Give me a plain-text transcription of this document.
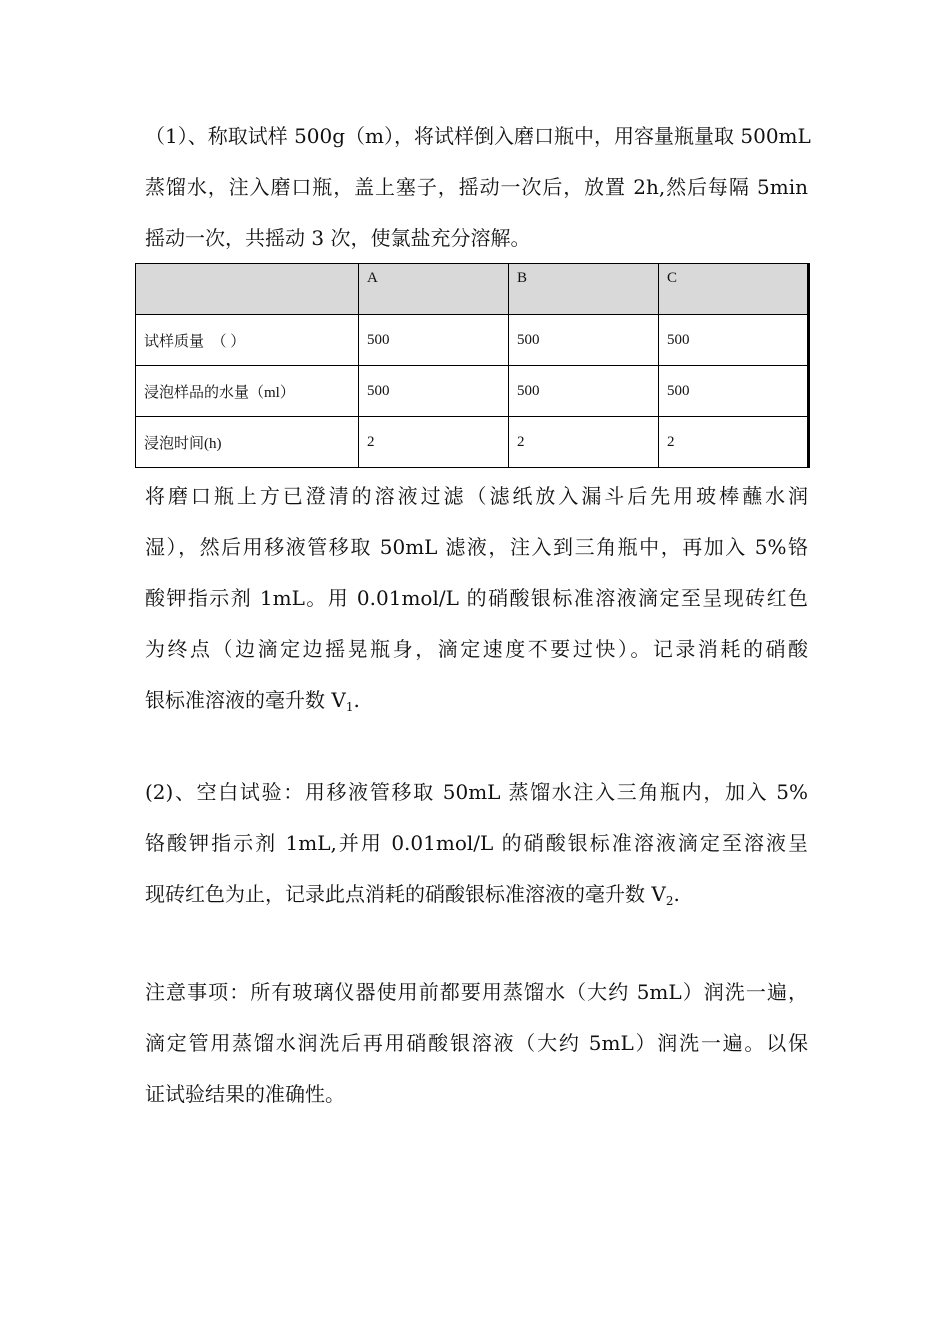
（1）、称取试样 500g（m），将试样倒入磨口瓶中，用容量瓶量取 500mL
蒸馏水，注入磨口瓶，盖上塞子，摇动一次后，放置 2h,然后每隔 5min
摇动一次，共摇动 3 次，使氯盐充分溶解。
	A	B	C
试样质量　（ ）	500	500	500
浸泡样品的水量（ml）	500	500	500
浸泡时间(h)	2	2	2
将磨口瓶上方已澄清的溶液过滤（滤纸放入漏斗后先用玻棒蘸水润
湿），然后用移液管移取 50mL 滤液，注入到三角瓶中，再加入 5%铬
酸钾指示剂 1mL。用 0.01mol/L 的硝酸银标准溶液滴定至呈现砖红色
为终点（边滴定边摇晃瓶身，滴定速度不要过快）。记录消耗的硝酸
银标准溶液的毫升数 $V_1$.
(2)、空白试验：用移液管移取 50mL 蒸馏水注入三角瓶内，加入 5%
铬酸钾指示剂 1mL,并用 0.01mol/L 的硝酸银标准溶液滴定至溶液呈
现砖红色为止，记录此点消耗的硝酸银标准溶液的毫升数 $V_2$.
注意事项：所有玻璃仪器使用前都要用蒸馏水（大约 5mL）润洗一遍，
滴定管用蒸馏水润洗后再用硝酸银溶液（大约 5mL）润洗一遍。以保
证试验结果的准确性。
